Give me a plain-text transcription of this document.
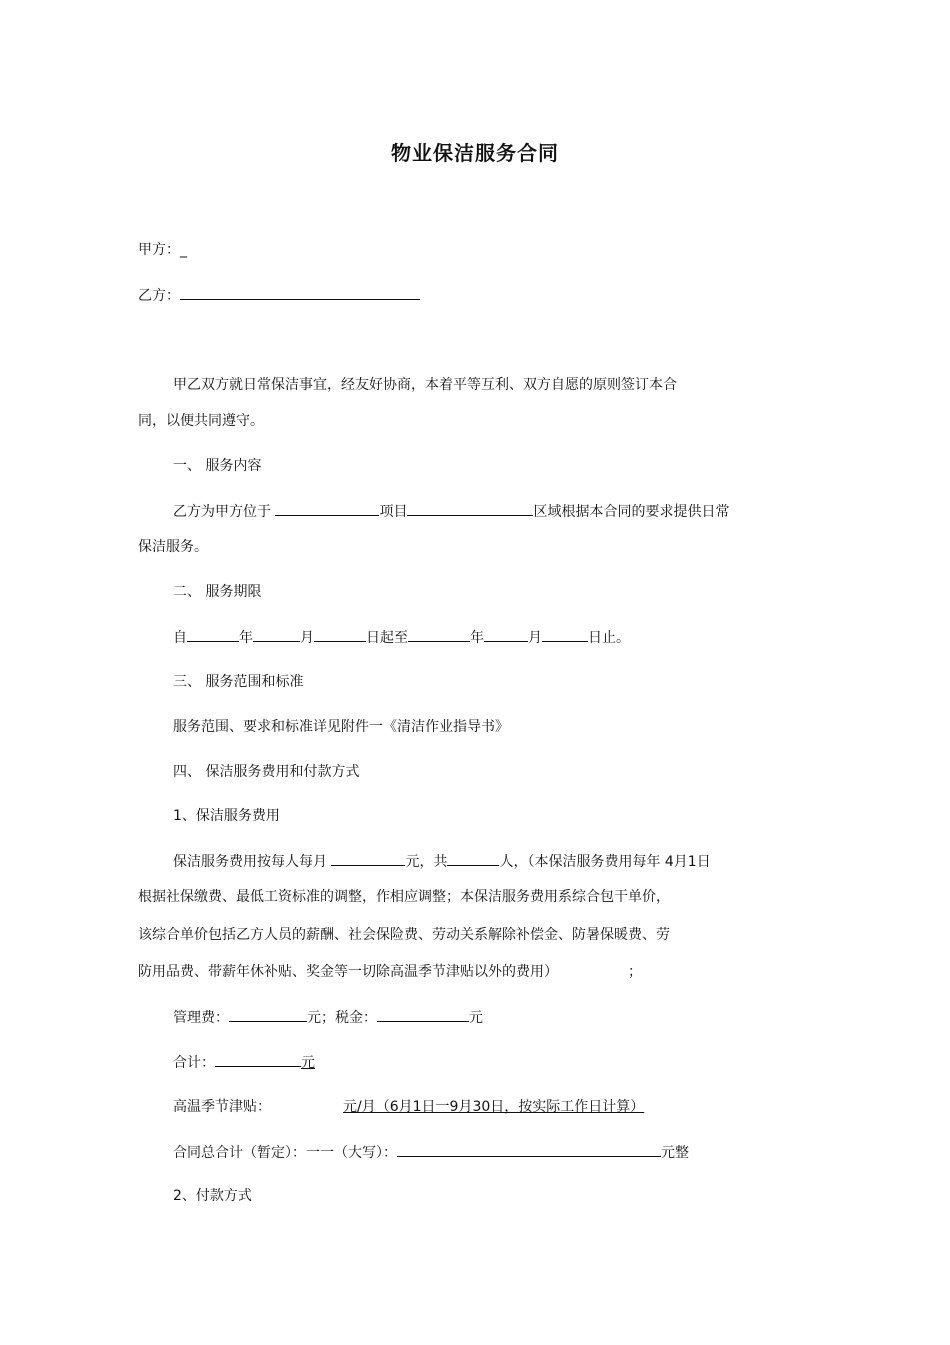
物业保洁服务合同
甲方：_
乙方：
甲乙双方就日常保洁事宜，经友好协商，本着平等互利、双方自愿的原则签订本合
同，以便共同遵守。
一、 服务内容
乙方为甲方位于	项目	区域根据本合同的要求提供日常
保洁服务。
二、 服务期限
自	年	月	日起至	年	月	日止。
三、 服务范围和标准
服务范围、要求和标准详见附件一《清洁作业指导书》
四、 保洁服务费用和付款方式
1、保洁服务费用
保洁服务费用按每人每月	元，共	人，（本保洁服务费用每年 4月1日
根据社保缴费、最低工资标准的调整，作相应调整；本保洁服务费用系综合包干单价，
该综合单价包括乙方人员的薪酬、社会保险费、劳动关系解除补偿金、防暑保暖费、劳
防用品费、带薪年休补贴、奖金等一切除高温季节津贴以外的费用）	；
管理费：	元；税金：	元
合计：	元
高温季节津贴：	元/月（6月1日一9月30日，按实际工作日计算）
合同总合计（暂定）：一一（大写）：	元整
2、付款方式
